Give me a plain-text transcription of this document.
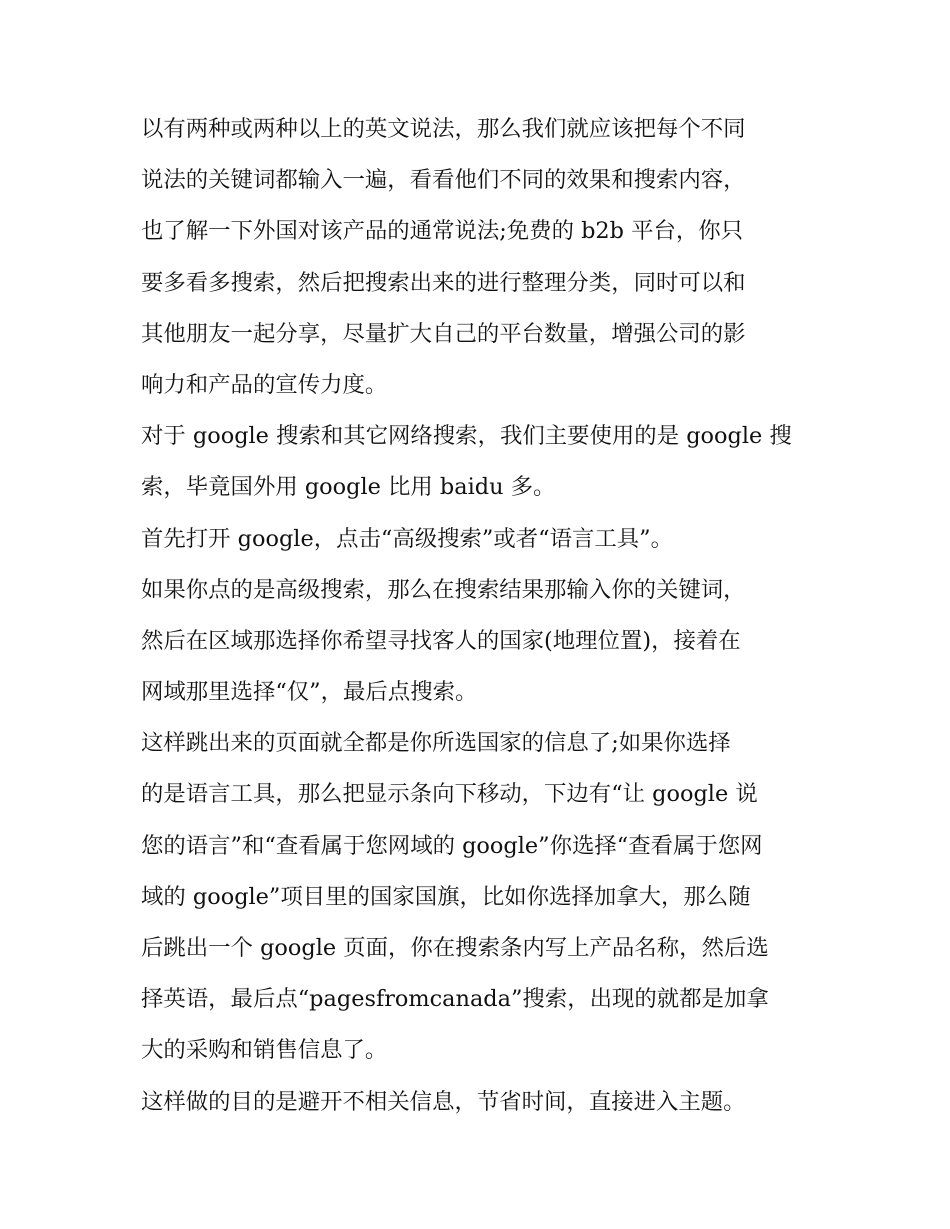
以有两种或两种以上的英文说法，那么我们就应该把每个不同
说法的关键词都输入一遍，看看他们不同的效果和搜索内容，
也了解一下外国对该产品的通常说法;免费的 b2b 平台，你只
要多看多搜索，然后把搜索出来的进行整理分类，同时可以和
其他朋友一起分享，尽量扩大自己的平台数量，增强公司的影
响力和产品的宣传力度。
对于 google 搜索和其它网络搜索，我们主要使用的是 google 搜
索，毕竟国外用 google 比用 baidu 多。
首先打开 google，点击“高级搜索”或者“语言工具”。
如果你点的是高级搜索，那么在搜索结果那输入你的关键词，
然后在区域那选择你希望寻找客人的国家(地理位置)，接着在
网域那里选择“仅”，最后点搜索。
这样跳出来的页面就全都是你所选国家的信息了;如果你选择
的是语言工具，那么把显示条向下移动，下边有“让 google 说
您的语言”和“查看属于您网域的 google”你选择“查看属于您网
域的 google”项目里的国家国旗，比如你选择加拿大，那么随
后跳出一个 google 页面，你在搜索条内写上产品名称，然后选
择英语，最后点“pagesfromcanada”搜索，出现的就都是加拿
大的采购和销售信息了。
这样做的目的是避开不相关信息，节省时间，直接进入主题。
